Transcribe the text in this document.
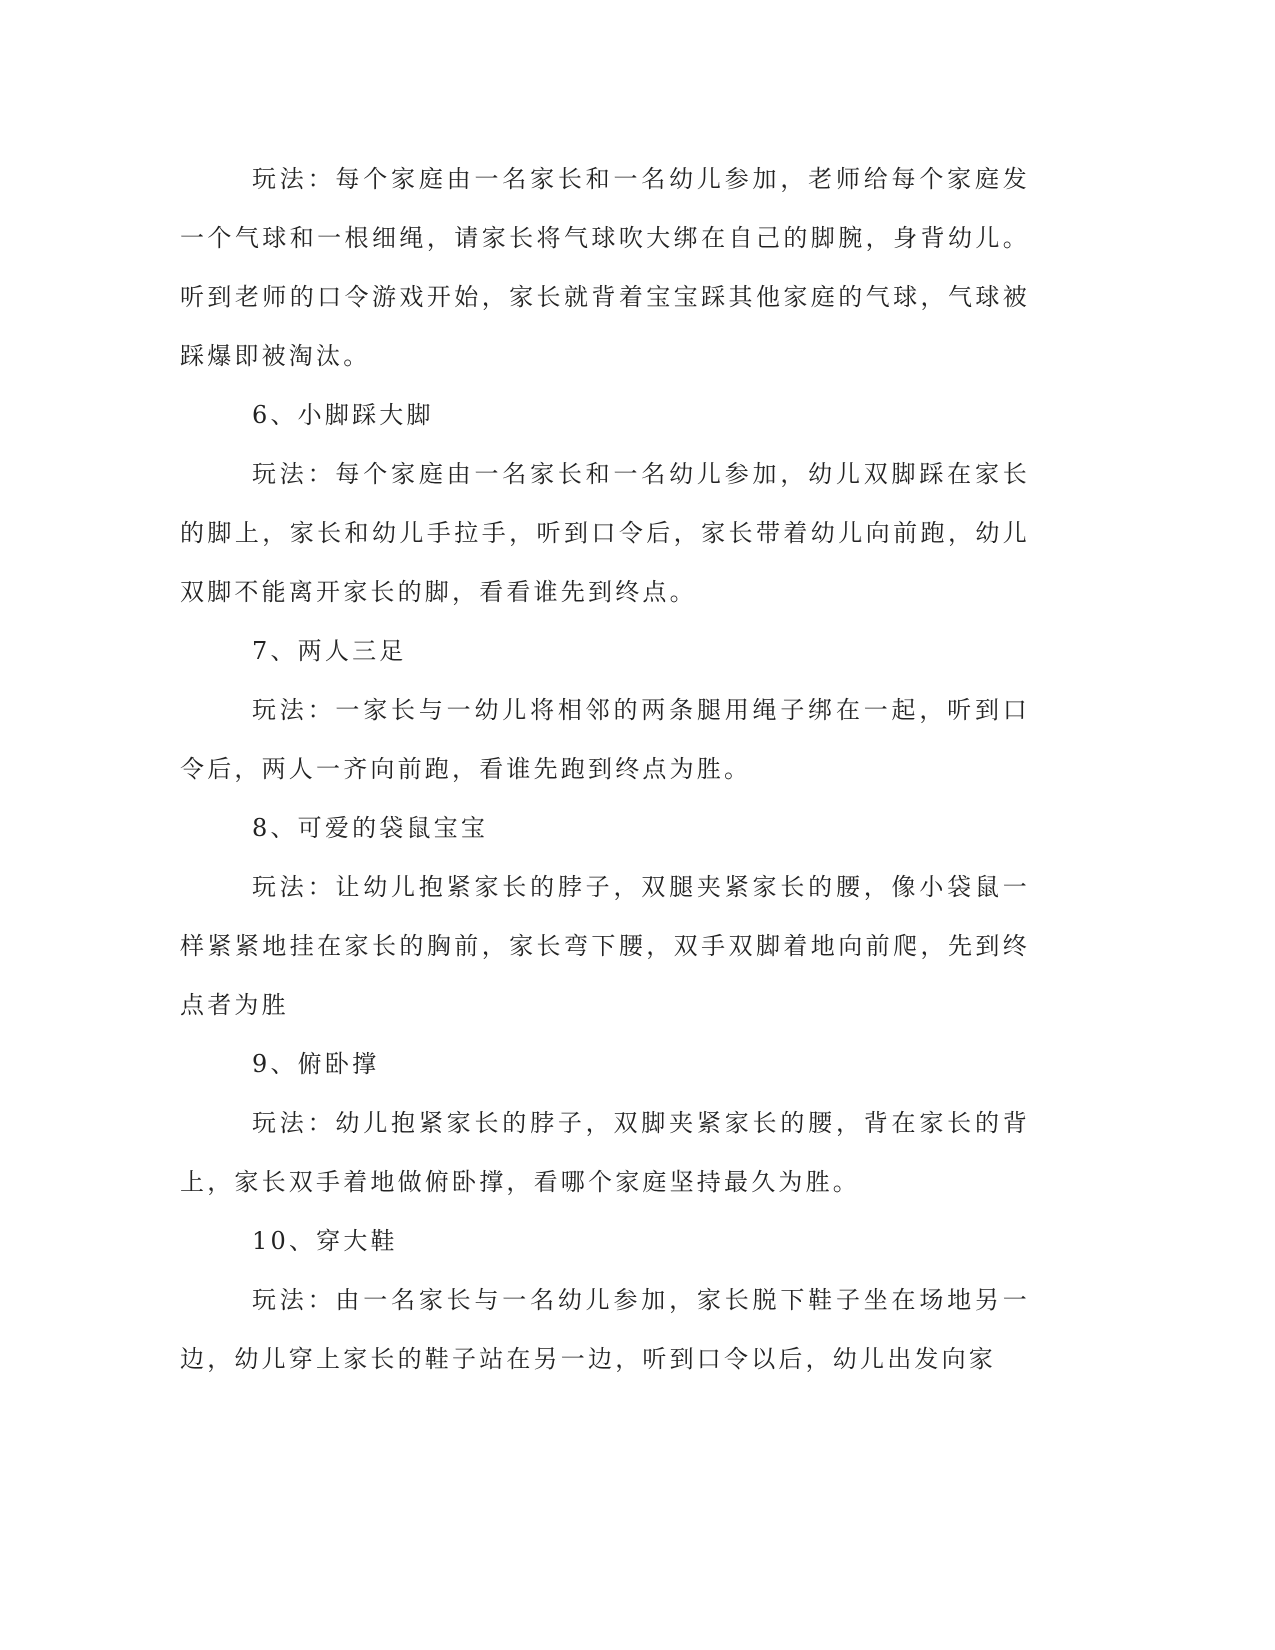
玩法：每个家庭由一名家长和一名幼儿参加，老师给每个家庭发一个气球和一根细绳，请家长将气球吹大绑在自己的脚腕，身背幼儿。听到老师的口令游戏开始，家长就背着宝宝踩其他家庭的气球，气球被踩爆即被淘汰。

6、小脚踩大脚

玩法：每个家庭由一名家长和一名幼儿参加，幼儿双脚踩在家长的脚上，家长和幼儿手拉手，听到口令后，家长带着幼儿向前跑，幼儿双脚不能离开家长的脚，看看谁先到终点。

7、两人三足

玩法：一家长与一幼儿将相邻的两条腿用绳子绑在一起，听到口令后，两人一齐向前跑，看谁先跑到终点为胜。

8、可爱的袋鼠宝宝

玩法：让幼儿抱紧家长的脖子，双腿夹紧家长的腰，像小袋鼠一样紧紧地挂在家长的胸前，家长弯下腰，双手双脚着地向前爬，先到终点者为胜

9、俯卧撑

玩法：幼儿抱紧家长的脖子，双脚夹紧家长的腰，背在家长的背上，家长双手着地做俯卧撑，看哪个家庭坚持最久为胜。

10、穿大鞋

玩法：由一名家长与一名幼儿参加，家长脱下鞋子坐在场地另一边，幼儿穿上家长的鞋子站在另一边，听到口令以后，幼儿出发向家
